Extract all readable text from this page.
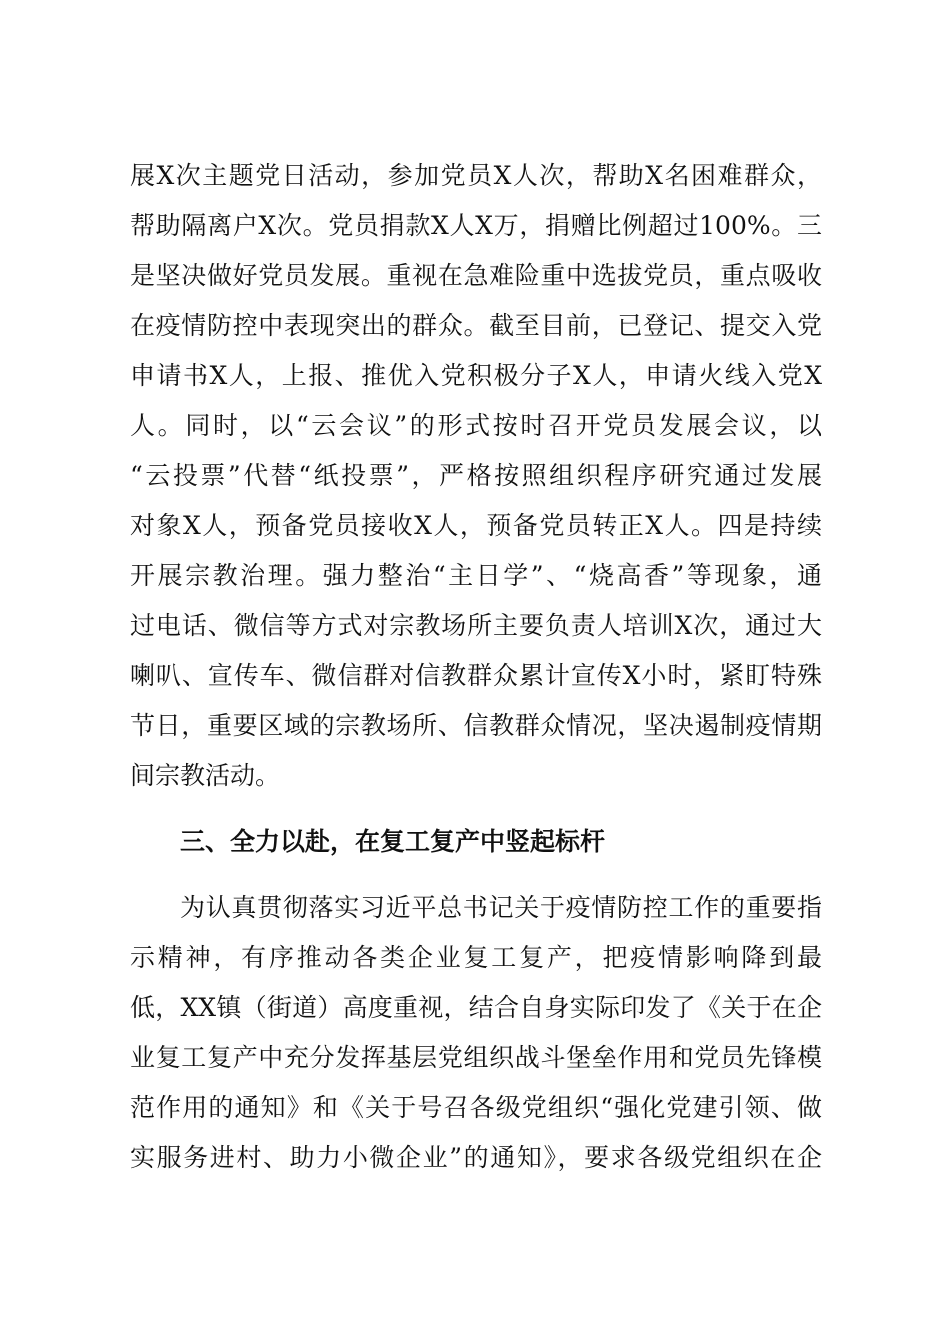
展X次主题党日活动，参加党员X人次，帮助X名困难群众，
帮助隔离户X次。党员捐款X人X万，捐赠比例超过100%。三
是坚决做好党员发展。重视在急难险重中选拔党员，重点吸收
在疫情防控中表现突出的群众。截至目前，已登记、提交入党
申请书X人，上报、推优入党积极分子X人，申请火线入党X
人。同时，以“云会议”的形式按时召开党员发展会议，以
“云投票”代替“纸投票”，严格按照组织程序研究通过发展
对象X人，预备党员接收X人，预备党员转正X人。四是持续
开展宗教治理。强力整治“主日学”、“烧高香”等现象，通
过电话、微信等方式对宗教场所主要负责人培训X次，通过大
喇叭、宣传车、微信群对信教群众累计宣传X小时，紧盯特殊
节日，重要区域的宗教场所、信教群众情况，坚决遏制疫情期
间宗教活动。
三、全力以赴，在复工复产中竖起标杆
为认真贯彻落实习近平总书记关于疫情防控工作的重要指
示精神，有序推动各类企业复工复产，把疫情影响降到最
低，XX镇（街道）高度重视，结合自身实际印发了《关于在企
业复工复产中充分发挥基层党组织战斗堡垒作用和党员先锋模
范作用的通知》和《关于号召各级党组织“强化党建引领、做
实服务进村、助力小微企业”的通知》，要求各级党组织在企
